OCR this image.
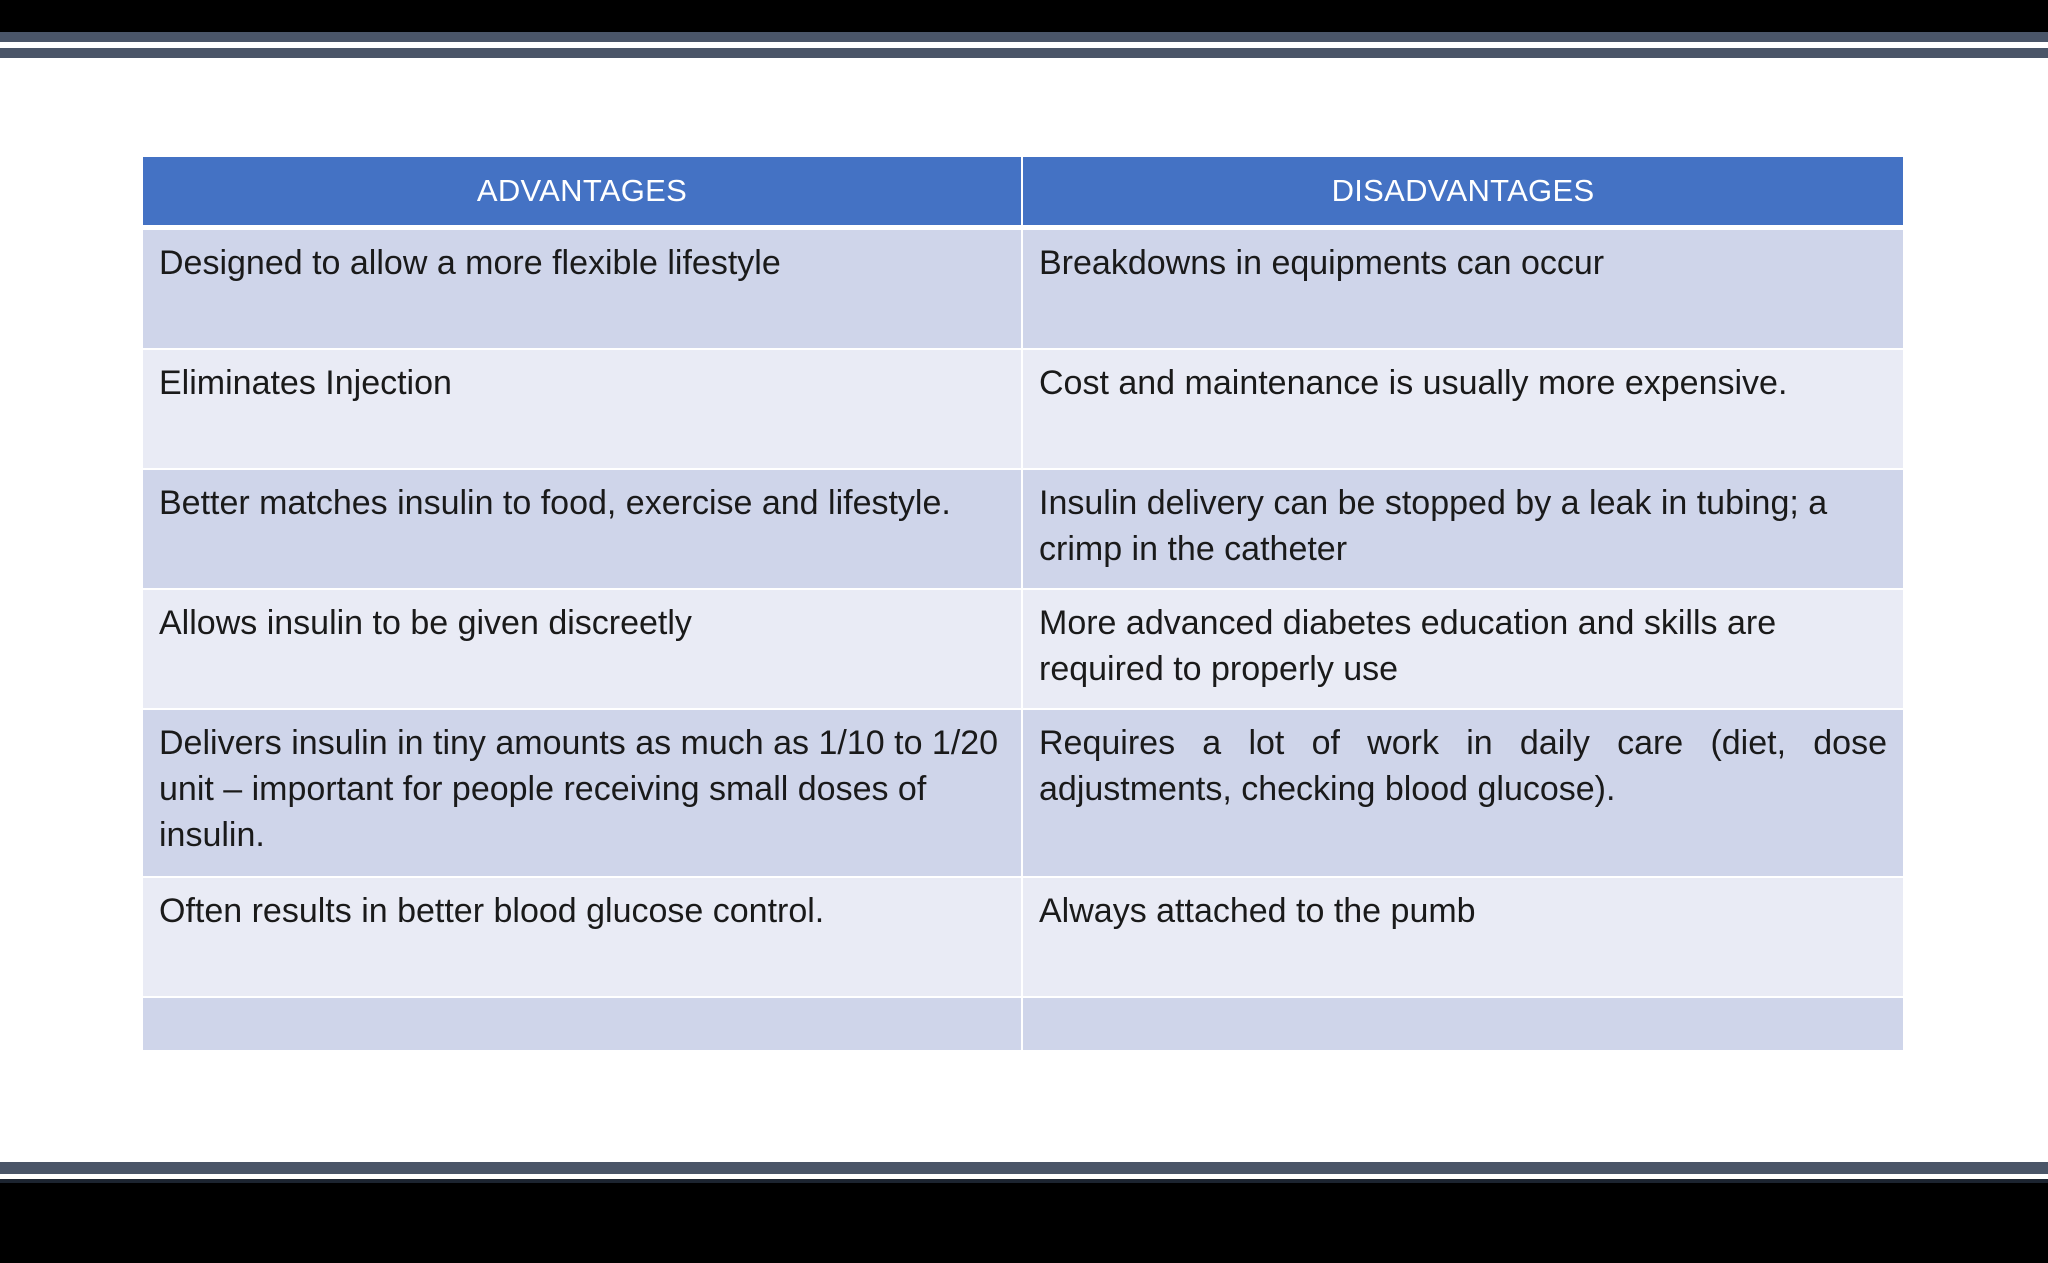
ADVANTAGES	DISADVANTAGES
Designed to allow a more flexible lifestyle	Breakdowns in equipments can occur
Eliminates Injection	Cost and maintenance is usually more expensive.
Better matches insulin to food, exercise and lifestyle.	Insulin delivery can be stopped by a leak in tubing; a crimp in the catheter
Allows insulin to be given discreetly	More advanced diabetes education and skills are required to properly use
Delivers insulin in tiny amounts as much as 1/10 to 1/20 unit – important for people receiving small doses of insulin.	Requires a lot of work in daily care (diet, dose adjustments, checking blood glucose).
Often results in better blood glucose control.	Always attached to the pumb
